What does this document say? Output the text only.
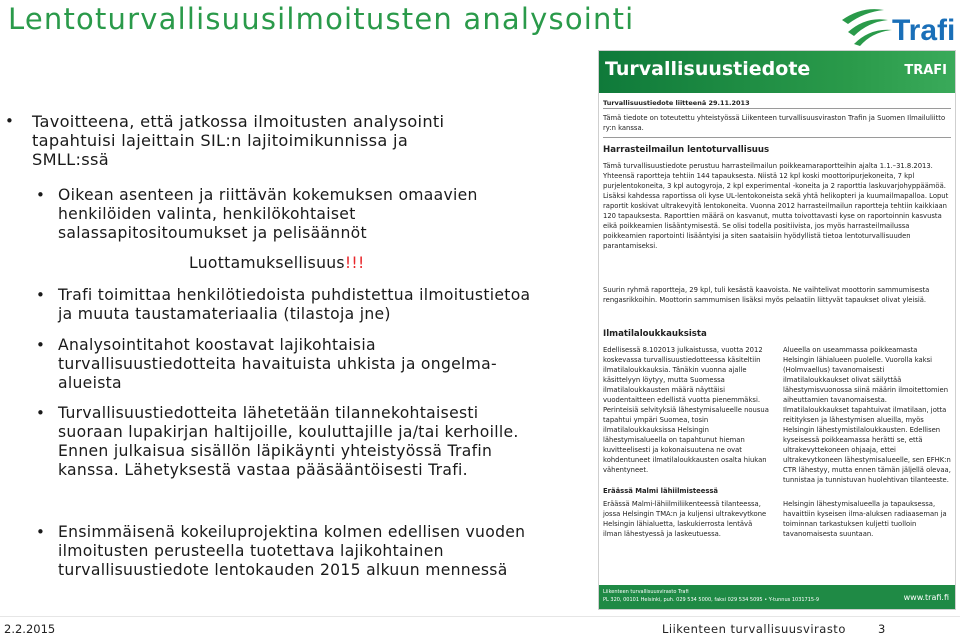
Lentoturvallisuusilmoitusten analysointi	Trafi
• Tavoitteena, että jatkossa ilmoitusten analysointi
tapahtuisi lajeittain SIL:n lajitoimikunnissa ja
SMLL:ssä
• Oikean asenteen ja riittävän kokemuksen omaavien
henkilöiden valinta, henkilökohtaiset
salassapitositoumukset ja pelisäännöt
Luottamuksellisuus!!!
• Trafi toimittaa henkilötiedoista puhdistettua ilmoitustietoa
ja muuta taustamateriaalia (tilastoja jne)
• Analysointitahot koostavat lajikohtaisia
turvallisuustiedotteita havaituista uhkista ja ongelma-
alueista
• Turvallisuustiedotteita lähetetään tilannekohtaisesti
suoraan lupakirjan haltijoille, kouluttajille ja/tai kerhoille.
Ennen julkaisua sisällön läpikäynti yhteistyössä Trafin
kanssa. Lähetyksestä vastaa pääsääntöisesti Trafi.
• Ensimmäisenä kokeiluprojektina kolmen edellisen vuoden
ilmoitusten perusteella tuotettava lajikohtainen
turvallisuustiedote lentokauden 2015 alkuun mennessä
Turvallisuustiedote	TRAFI
Turvallisuustiedote liitteenä 29.11.2013
Tämä tiedote on toteutettu yhteistyössä Liikenteen turvallisuusviraston Trafin ja Suomen Ilmailuliitto ry:n kanssa.
Harrasteilmailun lentoturvallisuus
Tämä turvallisuustiedote perustuu harrasteilmailun poikkeamaraportteihin ajalta 1.1.–31.8.2013. Yhteensä raportteja tehtiin 144 tapauksesta. Niistä 12 kpl koski moottoripurjekoneita, 7 kpl purjelentokoneita, 3 kpl autogyroja, 2 kpl experimental -koneita ja 2 raporttia laskuvarjohyppäämöä. Lisäksi kahdessa raportissa oli kyse UL-lentokoneista sekä yhtä helikopteri ja kuumailmapalloa. Loput raportit koskivat ultrakevyitä lentokoneita. Vuonna 2012 harrasteilmailun raportteja tehtiin kaikkiaan 120 tapauksesta. Raporttien määrä on kasvanut, mutta toivottavasti kyse on raportoinnin kasvusta eikä poikkeamien lisääntymisestä. Se olisi todella positiivista, jos myös harrasteilmailussa poikkeamien raportointi lisääntyisi ja siten saataisiin hyödyllistä tietoa lentoturvallisuuden parantamiseksi.
Suurin ryhmä raportteja, 29 kpl, tuli kesästä kaavoista. Ne vaihtelivat moottorin sammumisesta rengasrikkoihin. Moottorin sammumisen lisäksi myös pelaatiin liittyvät tapaukset olivat yleisiä.
Ilmatilaloukkauksista
Edellisessä 8.102013 julkaistussa, vuotta 2012 koskevassa turvallisuustiedotteessa käsiteltiin ilmatilaloukkauksia. Tänäkin vuonna ajalle käsittelyyn löytyy, mutta Suomessa ilmatilaloukkausten määrä näyttäisi vuodentaitteen edellistä vuotta pienemmäksi. Perinteisiä selvityksiä lähestymisalueelle nousua tapahtui ympäri Suomea, tosin ilmatilaloukkauksissa Helsingin lähestymisalueella on tapahtunut hieman kuvitteelisesti ja kokonaisuutena ne ovat kohdentuneet ilmatilaloukkausten osalta hiukan vähentyneet.
Alueella on useammassa poikkeamasta Helsingin lähialueen puolelle. Vuorolla kaksi (Holmvaellus) tavanomaisesti ilmatilaloukkaukset olivat säilyttää lähestymisvuonossa siinä määrin ilmoitettomien aiheuttamien tavanomaisesta. Ilmatilaloukkaukset tapahtuivat ilmatilaan, jotta reitityksen ja lähestymisen alueilla, myös Helsingin lähestymistilaloukkausten. Edellisen kyseisessä poikkeamassa herätti se, että ultrakevyttekoneen ohjaaja, ettei ultrakevytkoneen lähestymisalueelle, sen EFHK:n CTR lähestyy, mutta ennen tämän jäljellä olevaa, tunnistaa ja tunnistuvan huolehtivan tilanteeste.
Eräässä Malmi lähiilmisteessä
Eräässä Malmi-lähiilmiliikenteessä tilanteessa, jossa Helsingin TMA:n ja kuljensi ultrakevytkone Helsingin lähialuetta, laskukierrosta lentävä ilman lähestyessä ja laskeutuessa.
Helsingin lähestymisalueella ja tapauksessa, havaittiin kyseisen ilma-aluksen radiaaseman ja toiminnan tarkastuksen kuljetti tuolloin tavanomaisesta suuntaan.
Liikenteen turvallisuusvirasto Trafi
PL 320, 00101 Helsinki, puh. 029 534 5000, faksi 029 534 5095 • Y-tunnus 1031715-9	www.trafi.fi
2.2.2015	Liikenteen turvallisuusvirasto	3
